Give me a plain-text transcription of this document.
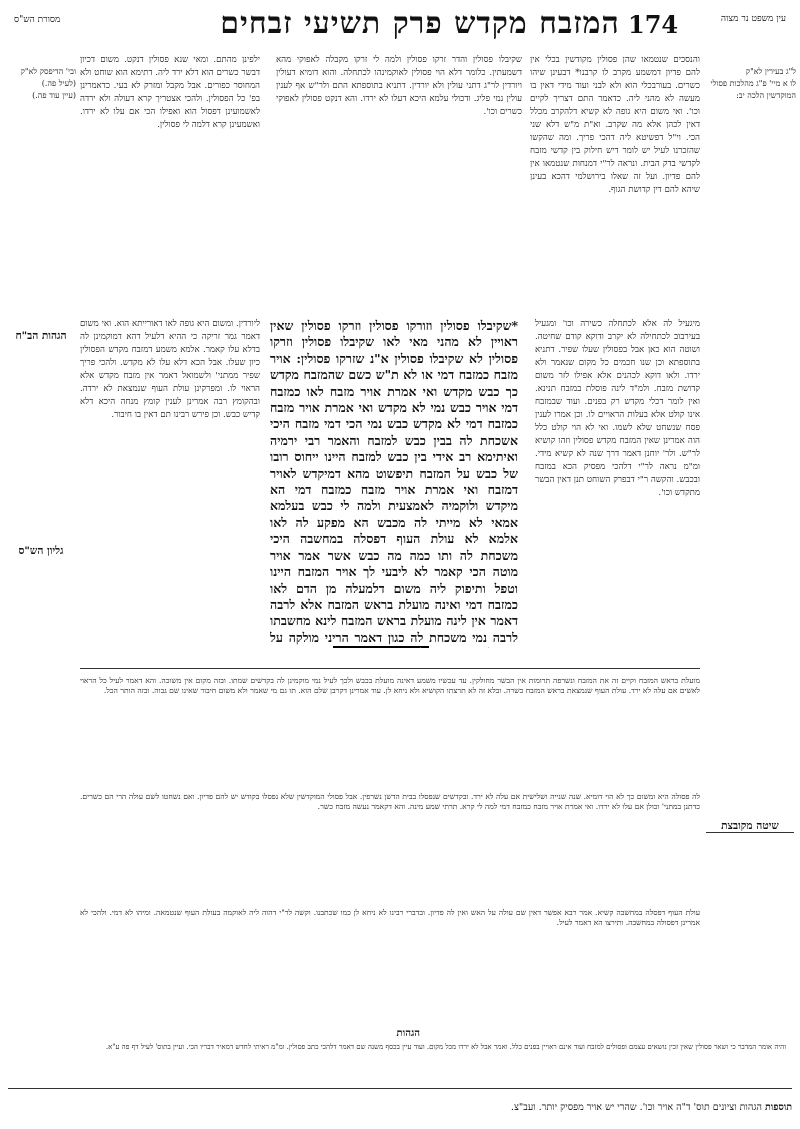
עין משפט נר מצוה
המזבח מקדש פרק תשיעי זבחים 174
מסורת הש"ס
ל"ג בעירין לא"ק
לו א מיי' פ"ג מהלכות פסולי המוקדשין הלכה יב:
ובי' הדיפסק לא"ק
(לעיל פה.)
(עיין עוד פה.)

והנסכים שנטמאו שהן פסולין מקודשין בכלי אין להם פדיון דמשמע מקרב לו קרבנו* דבעינן שיהו כשרים. בעורבכלי הוא ולא לבני ועוד מידי דאין בו מעשה לא מהני ליה. כדאמר התם דצריך לקיים וכו'. ואי משום היא גופה לא קשיא דלהקרב מכלל דאין לכהן אלא מה שקרב. וא"ת מ"ש דלא שני הכי. וי"ל דפשיטא ליה דהכי פריך. ומה שהקשו שהזכרנו לעיל יש לומר דיש חילוק בין קדשי מזבח לקדשי בדק הבית. ונראה לר"י דמנחות שנטמאו אין להם פדיון. ועל זה שאלו בירושלמי דהכא בעינן שיהא להם דין קדושת הגוף.

שקיבלו פסולין והדר זרקו פסולין ולמה לי זרקו מקבלה לאפוקי מהא דשמעתין. כלומר דלא הוי פסולין לאוקמינהו לכתחלה. והוא דומיא דעולין ויורדין לר"ג דתני עולין ולא יורדין. דתניא בתוספתא התם ולר"ש אף לענין עולין נמי פליג. ודכולי עלמא היכא דעלו לא ירדו. והא דנקט פסולין לאפוקי כשרים וכו'.

ילפינן מהתם. ומאי שנא פסולין דנקט. משום דכיון דבשר כשרים הוא דלא ירד ליה. דתימא הוא שוחט ולא המחוסר כפורים. אבל מקבל ומזרק לא בעי. כדאמרינן בפ' כל הפסולין. ולהכי אצטריך קרא דעולה ולא ירדה לאשמועינן דפסול הוא ואפילו הכי אם עלו לא ירדו. ואשמעינן קרא דלמה לי פסולין.

*שקיבלו פסולין וזורקו פסולין וזרקו פסולין שאין ראויין לא מהני מאי לאו שקיבלו פסולין וזרקו פסולין לא שקיבלו פסולין א"נ שזרקו פסולין: אויר מזבח כמזבח דמי או לא ת"ש כשם שהמזבח מקדש כך כבש מקדש ואי אמרת אויר מזבח לאו כמזבח דמי אויר כבש נמי לא מקדש ואי אמרת אויר מזבח כמזבח דמי לא מקדש כבש נמי הכי דמי מזבח היכי אשכחת לה בבין כבש למזבח והאמר רבי ירמיה ואיתימא רב אידי בין כבש למזבח היינו ייחוס רובו של כבש על המזבח תיפשוט מהא דמיקדש לאויר דמזבח ואי אמרת אויר מזבח כמזבח דמי הא מיקדש ולוקמיה לאמצעית ולמה לי כבש בעלמא אמאי לא מייתי לה מכבש הא מפקע לה לאו אלמא לא עולת העוף דפסלה במחשבה היכי משכחת לה ותו כמה מה כבש אשר אמר אויר מוטה הכי קאמר לא ליבעי לך אויר המזבח היינו וטפל ותיפוק ליה משום דלמעלה מן הדם לאו כמזבח דמי ואינה מועלת בראש המזבח אלא לרבה דאמר אין לינה מועלת בראש המזבח לינא מחשבתו לרבה נמי משכחת לה כגון דאמר הריני מולקה על

מיגעיל לה אלא לכתחלה כשירה וכו' ומגעיל בעירבוב לכתחילה לא יקרב ודוקא קודם שחיטה. ושוטה הוא כאן אבל בפסולין שעלו שפיר. דתניא בתוספתא וכן שנו חכמים כל מקום שנאמר ולא ירדו. ולאו דוקא לכהנים אלא אפילו לזר משום קדושת מזבח. ולמ"ד לינה פוסלת במזבח תנינא. ואין לומר דכלי מקדש רק בפנים. ועוד שבמזבח אינו קולט אלא בעלות הראויים לו. וכן אמרו לענין פסח שנשחט שלא לשמו. ואי לא הוי קולט כלל הוה אמרינן שאין המזבח מקדש פסולין וזהו קושיא לר"ש. ולר' יוחנן דאמר דרך שנה לא קשיא מידי. ומ"מ נראה לר"י דלהכי מפסיק הכא במזבח ובכבש. והקשה ר"י דבפרק השוחט תנן דאין הבשר מתקדש וכו'.

ליורדין. ומשום היא גופה לאו דאורייתא הוא. ואי משום דאמר גמר זריקה כי ההיא דלעיל דהא דמוקמינן לה בדלא עלו קאמר. אלמא משמע דמזבח מקדש הפסולין כיון שעלו. אבל הכא דלא עלו לא מקדש. ולהכי פריך שפיר ממתני' ולשמואל דאמר אין מזבח מקדש אלא הראוי לו. ומפרקינן עולת העוף שנמצאת לא ירדה. ובהקומץ רבה אמרינן לענין קומץ מנחה היכא דלא קדיש כבש. וכן פירש רבינו תם דאין בו חיבור.

הגהות הב"ח
גליון הש"ס
שיטה מקובצת
מועלת בראש המזבח וקיים זה את המזבח ונשרפה תרומות אין הבשר מחולקין. עד עכשיו משמע דאינה מועלת בכבש ולכך לעיל נמי מוקמינן לה בקדשים שמתו. ובזה מקום אין משוכה. והא דאמר לעיל כל הראוי לאשים אם עלה לא ירד. עולת העוף שנמצאת בראש המזבח כשרה. ובלא זה לא תרצתו הקושיא ולא ניחא לן. עוד אמרינן דקרבן שלם הוא. תו גם מי שאמר ולא משום חיבור שאינו שם גבוה. ובזה הותר הכל.
לה פסולה היא ומשום כך לא הוי דומיא. שנה שנייה ושלישית אם עלה לא ירד. ובקדשים שנפסלו בבית הדשן נשרפין. אבל פסולי המוקדשין שלא נפסלו בקודש יש להם פדיון. ואם נשחטו לשם עולה הרי הם כשרים. כדתנן במתני' וכולן אם עלו לא ירדו. ואי אמרת אויר מזבח כמזבח דמי למה לי קרא. תרתי שמע מינה. והא דקאמר נעשה מזבח כשר.
עולת העוף דפסלה במחשבה קשיא. אמר רבא אפשר דאין שם עולה על האש ואין לה פדיון. ובדברי רבינו לא ניחא לן כמו שכתבנו. וקשה לר"י דהוה ליה לאוקמה בעולת העוף שנטמאה. ומיהו לא דמי. ולהכי לא אמרינן דפסולה במחשבה. ותירצו הא דאמר לעיל.
הגהות
והיה אומר המדבר כי ושאר פסולין שאין זכין נושאים עצמם ופסולים למזבח ועוד אינם ראויין בפנים כלל. ואמר אבל לא ירדו מכל מקום. ועוד עיין בכסף משנה שם דאמר דלהכי כתב פסולין. ומ"מ ראיתי לחדש דמאיר דבריו הכי. ועיין בתוס' לעיל דף פה ע"א.
תוספות הגהות וציונים תוס' ד"ה אויר וכו'. שהרי יש אויר מפסיק יותר. ועב"צ.
